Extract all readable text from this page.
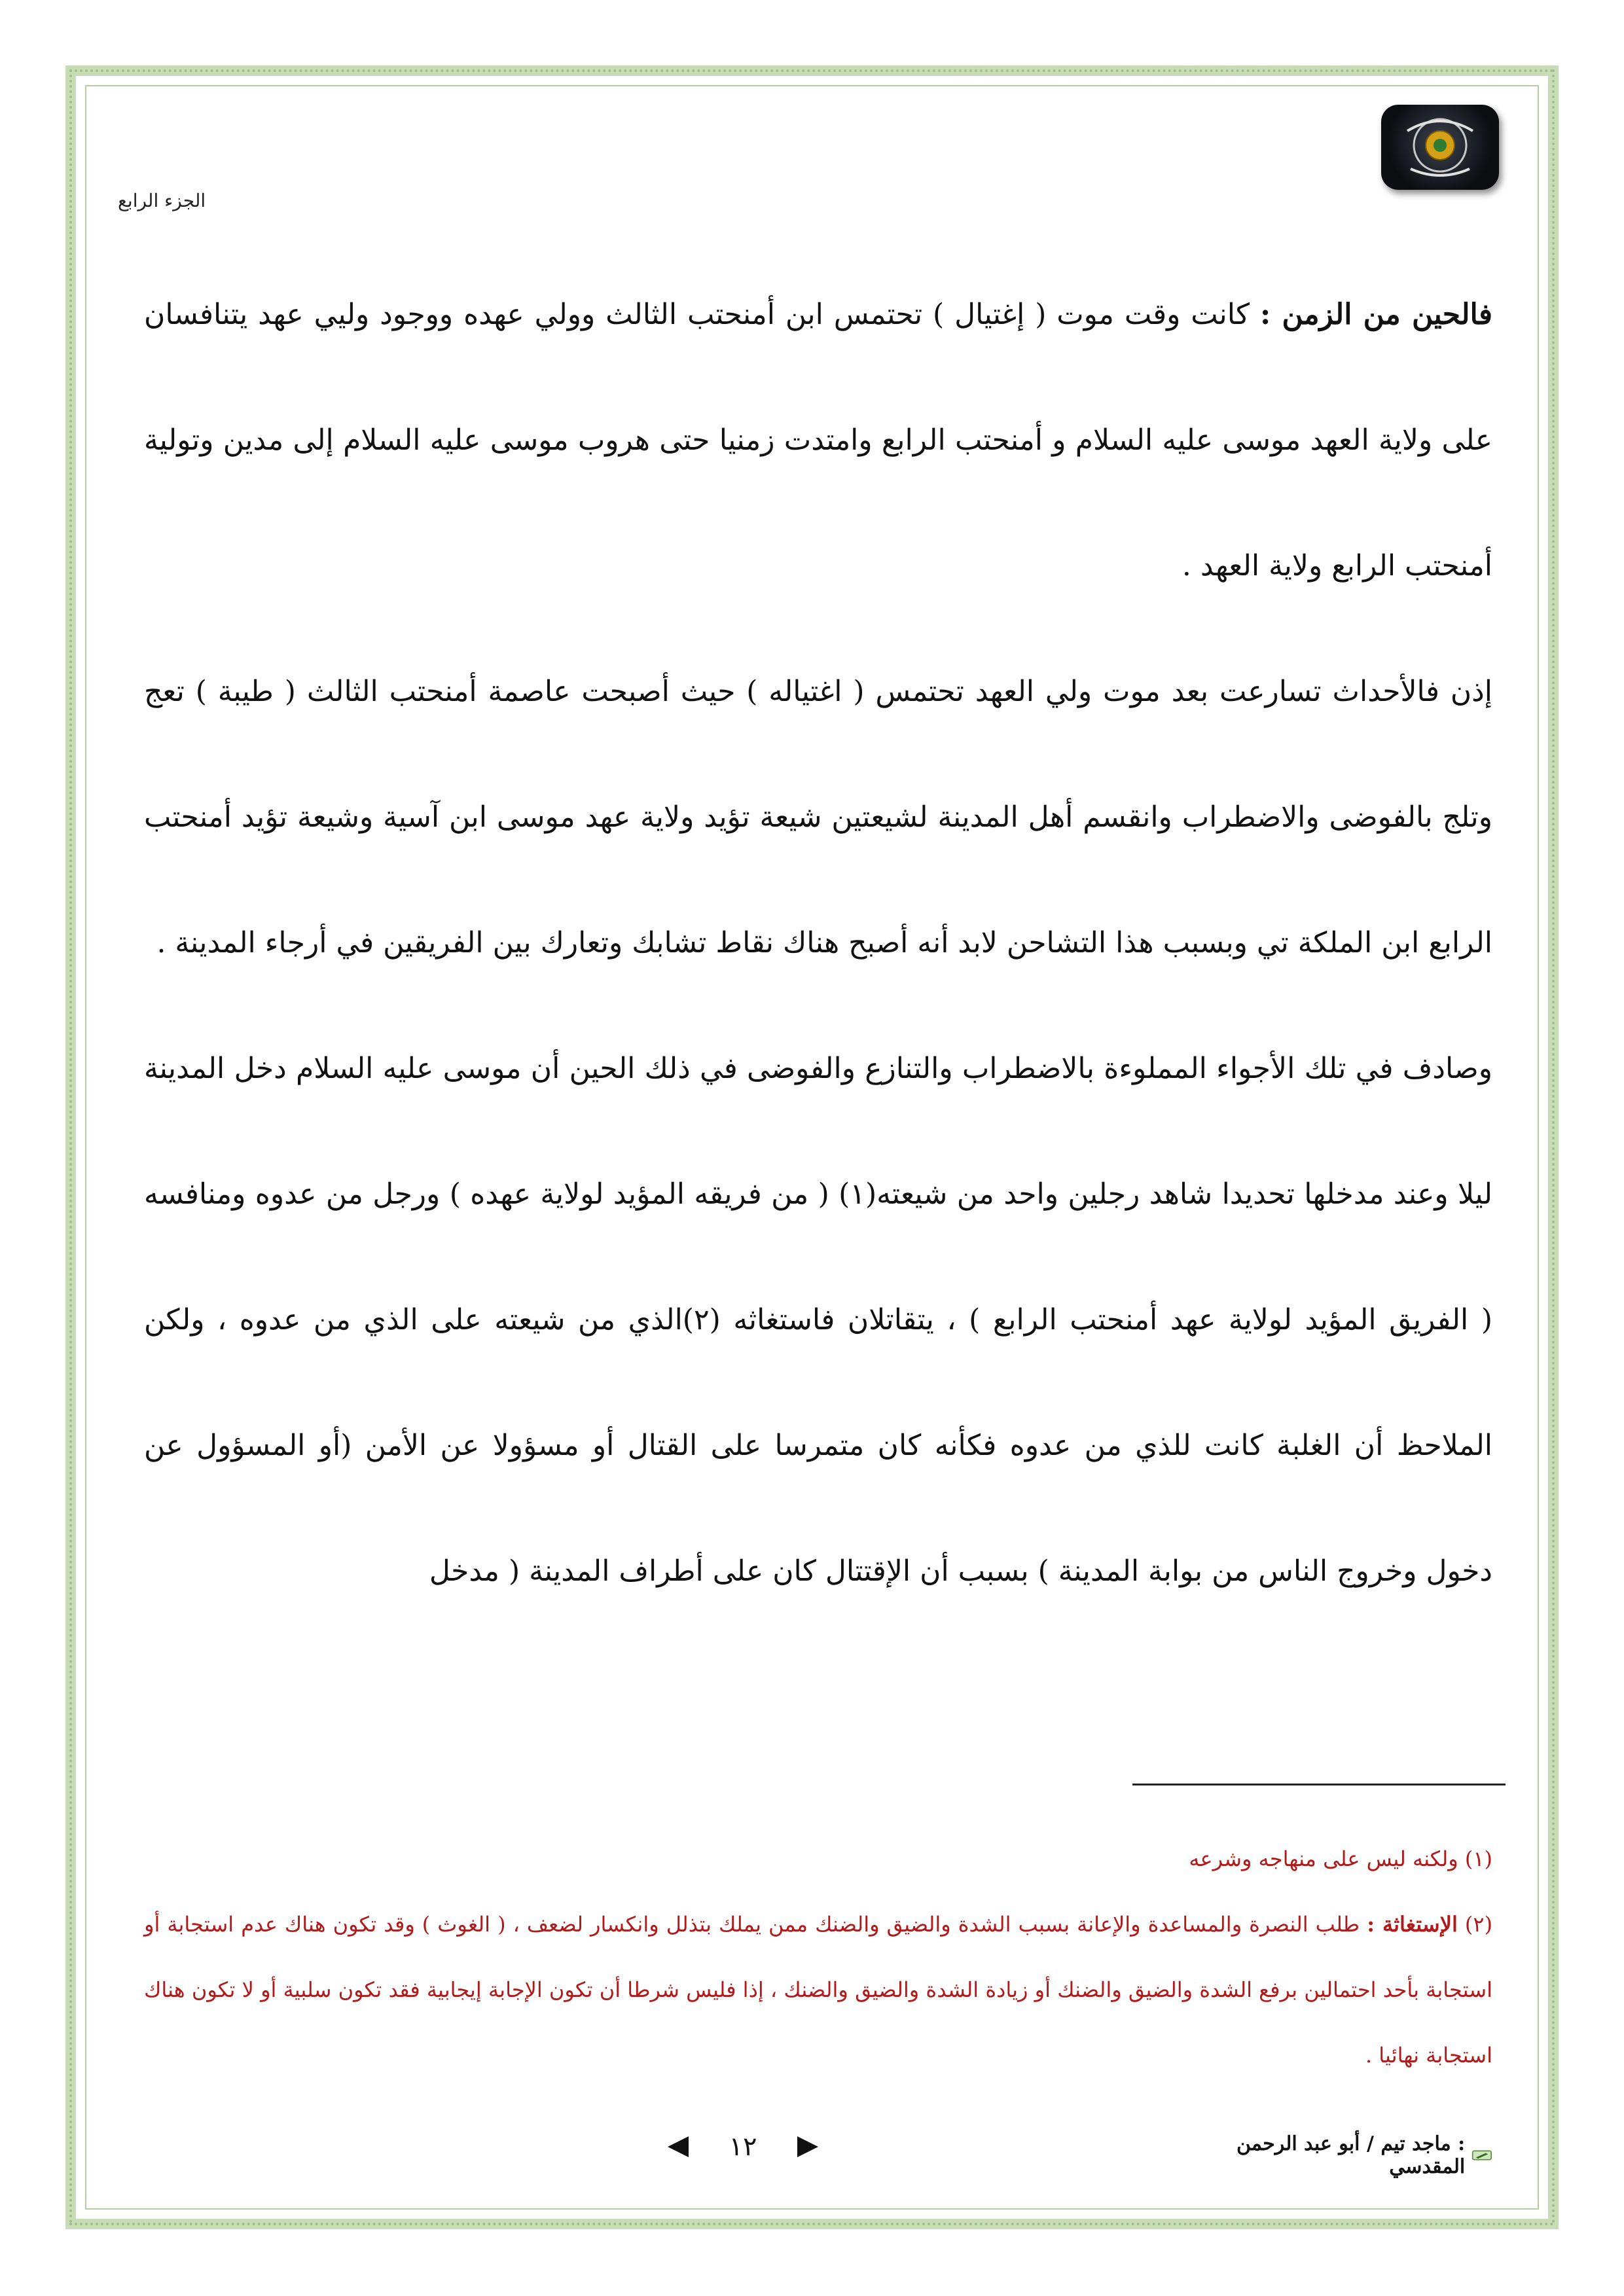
الجزء الرابع

فالحين من الزمن : كانت وقت موت ( إغتيال ) تحتمس ابن أمنحتب الثالث وولي عهده ووجود وليي عهد يتنافسان على ولاية العهد موسى عليه السلام و أمنحتب الرابع وامتدت زمنيا حتى هروب موسى عليه السلام إلى مدين وتولية أمنحتب الرابع ولاية العهد .

إذن فالأحداث تسارعت بعد موت ولي العهد تحتمس ( اغتياله ) حيث أصبحت عاصمة أمنحتب الثالث ( طيبة ) تعج وتلج بالفوضى والاضطراب وانقسم أهل المدينة لشيعتين شيعة تؤيد ولاية عهد موسى ابن آسية وشيعة تؤيد أمنحتب الرابع ابن الملكة تي وبسبب هذا التشاحن لابد أنه أصبح هناك نقاط تشابك وتعارك بين الفريقين في أرجاء المدينة .

وصادف في تلك الأجواء المملوءة بالاضطراب والتنازع والفوضى في ذلك الحين أن موسى عليه السلام دخل المدينة ليلا وعند مدخلها تحديدا شاهد رجلين واحد من شيعته(١) ( من فريقه المؤيد لولاية عهده ) ورجل من عدوه ومنافسه ( الفريق المؤيد لولاية عهد أمنحتب الرابع ) ، يتقاتلان فاستغاثه (٢)الذي من شيعته على الذي من عدوه ، ولكن الملاحظ أن الغلبة كانت للذي من عدوه فكأنه كان متمرسا على القتال أو مسؤولا عن الأمن (أو المسؤول عن دخول وخروج الناس من بوابة المدينة ) بسبب أن الإقتتال كان على أطراف المدينة ( مدخل

(١) ولكنه ليس على منهاجه وشرعه

(٢) الإستغاثة : طلب النصرة والمساعدة والإعانة بسبب الشدة والضيق والضنك ممن يملك بتذلل وانكسار لضعف ، ( الغوث ) وقد تكون هناك عدم استجابة أو استجابة بأحد احتمالين برفع الشدة والضيق والضنك أو زيادة الشدة والضيق والضنك ، إذا فليس شرطا أن تكون الإجابة إيجابية فقد تكون سلبية أو لا تكون هناك استجابة نهائيا .

١٢	: ماجد تيم / أبو عبد الرحمن المقدسي
